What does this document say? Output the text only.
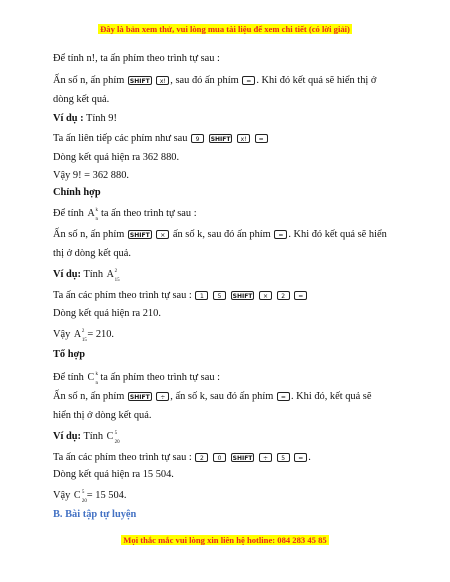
Đây là bản xem thử, vui lòng mua tài liệu để xem chi tiết (có lời giải)
Để tính n!, ta ấn phím theo trình tự sau :
Ấn số n, ấn phím SHIFT x! , sau đó ấn phím = . Khi đó kết quả sẽ hiển thị ở
dòng kết quả.
Ví dụ : Tính 9!
Ta ấn liên tiếp các phím như sau 9 SHIFT x! =
Dòng kết quả hiện ra 362 880.
Vậy 9! = 362 880.
Chỉnh hợp
Để tính A k
n
ta ấn theo trình tự sau :
Ấn số n, ấn phím SHIFT × ấn số k, sau đó ấn phím = . Khi đó kết quả sẽ hiển
thị ở dòng kết quả.
Ví dụ: Tính A 2
15
Ta ấn các phím theo trình tự sau : 1 5 SHIFT × 2 =
Dòng kết quả hiện ra 210.
Vậy A 2
15
= 210.
Tổ hợp
Để tính C k
n
ta ấn phím theo trình tự sau :
Ấn số n, ấn phím SHIFT ÷ , ấn số k, sau đó ấn phím = . Khi đó, kết quả sẽ
hiển thị ở dòng kết quả.
Ví dụ: Tính C 5
20
Ta ấn các phím theo trình tự sau : 2 0 SHIFT ÷ 5 = .
Dòng kết quả hiện ra 15 504.
Vậy C 5
20
= 15 504.
B. Bài tập tự luyện
Mọi thắc mắc vui lòng xin liên hệ hotline: 084 283 45 85
